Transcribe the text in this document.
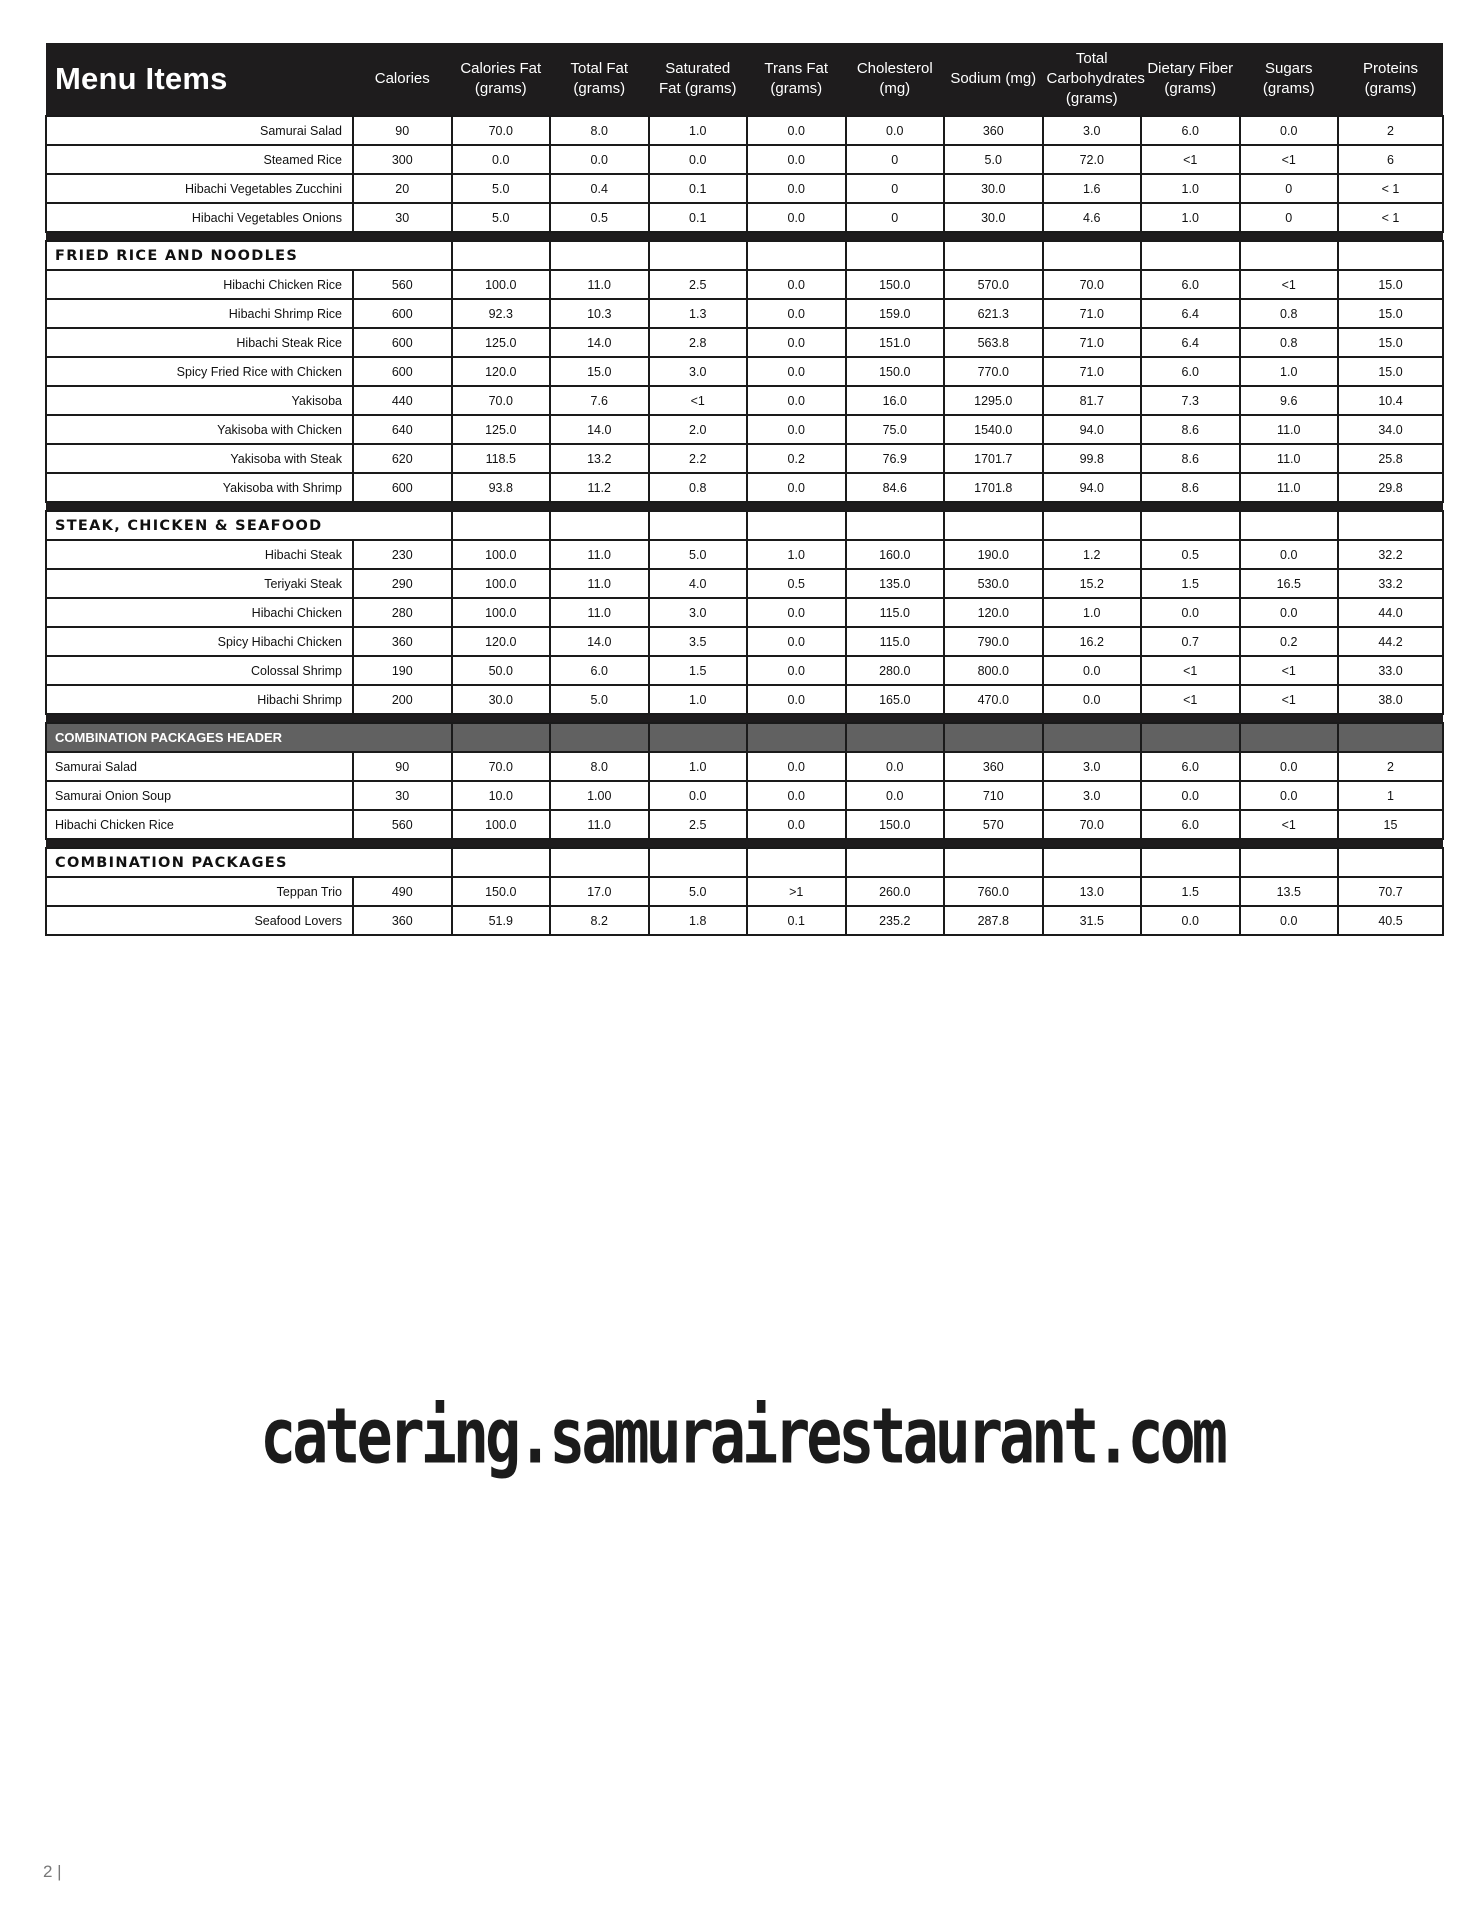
Menu Items	Calories	Calories Fat (grams)	Total Fat (grams)	Saturated Fat (grams)	Trans Fat (grams)	Cholesterol (mg)	Sodium (mg)	Total Carbohydrates (grams)	Dietary Fiber (grams)	Sugars (grams)	Proteins (grams)
Samurai Salad	90	70.0	8.0	1.0	0.0	0.0	360	3.0	6.0	0.0	2
Steamed Rice	300	0.0	0.0	0.0	0.0	0	5.0	72.0	<1	<1	6
Hibachi Vegetables Zucchini	20	5.0	0.4	0.1	0.0	0	30.0	1.6	1.0	0	< 1
Hibachi Vegetables Onions	30	5.0	0.5	0.1	0.0	0	30.0	4.6	1.0	0	< 1

FRIED RICE AND NOODLES											
Hibachi Chicken Rice	560	100.0	11.0	2.5	0.0	150.0	570.0	70.0	6.0	<1	15.0
Hibachi Shrimp Rice	600	92.3	10.3	1.3	0.0	159.0	621.3	71.0	6.4	0.8	15.0
Hibachi Steak Rice	600	125.0	14.0	2.8	0.0	151.0	563.8	71.0	6.4	0.8	15.0
Spicy Fried Rice with Chicken	600	120.0	15.0	3.0	0.0	150.0	770.0	71.0	6.0	1.0	15.0
Yakisoba	440	70.0	7.6	<1	0.0	16.0	1295.0	81.7	7.3	9.6	10.4
Yakisoba with Chicken	640	125.0	14.0	2.0	0.0	75.0	1540.0	94.0	8.6	11.0	34.0
Yakisoba with Steak	620	118.5	13.2	2.2	0.2	76.9	1701.7	99.8	8.6	11.0	25.8
Yakisoba with Shrimp	600	93.8	11.2	0.8	0.0	84.6	1701.8	94.0	8.6	11.0	29.8

STEAK, CHICKEN & SEAFOOD											
Hibachi Steak	230	100.0	11.0	5.0	1.0	160.0	190.0	1.2	0.5	0.0	32.2
Teriyaki Steak	290	100.0	11.0	4.0	0.5	135.0	530.0	15.2	1.5	16.5	33.2
Hibachi Chicken	280	100.0	11.0	3.0	0.0	115.0	120.0	1.0	0.0	0.0	44.0
Spicy Hibachi Chicken	360	120.0	14.0	3.5	0.0	115.0	790.0	16.2	0.7	0.2	44.2
Colossal Shrimp	190	50.0	6.0	1.5	0.0	280.0	800.0	0.0	<1	<1	33.0
Hibachi Shrimp	200	30.0	5.0	1.0	0.0	165.0	470.0	0.0	<1	<1	38.0

COMBINATION PACKAGES HEADER											
Samurai Salad	90	70.0	8.0	1.0	0.0	0.0	360	3.0	6.0	0.0	2
Samurai Onion Soup	30	10.0	1.00	0.0	0.0	0.0	710	3.0	0.0	0.0	1
Hibachi Chicken Rice	560	100.0	11.0	2.5	0.0	150.0	570	70.0	6.0	<1	15

COMBINATION PACKAGES											
Teppan Trio	490	150.0	17.0	5.0	>1	260.0	760.0	13.0	1.5	13.5	70.7
Seafood Lovers	360	51.9	8.2	1.8	0.1	235.2	287.8	31.5	0.0	0.0	40.5
catering.samurairestaurant.com
2 |
